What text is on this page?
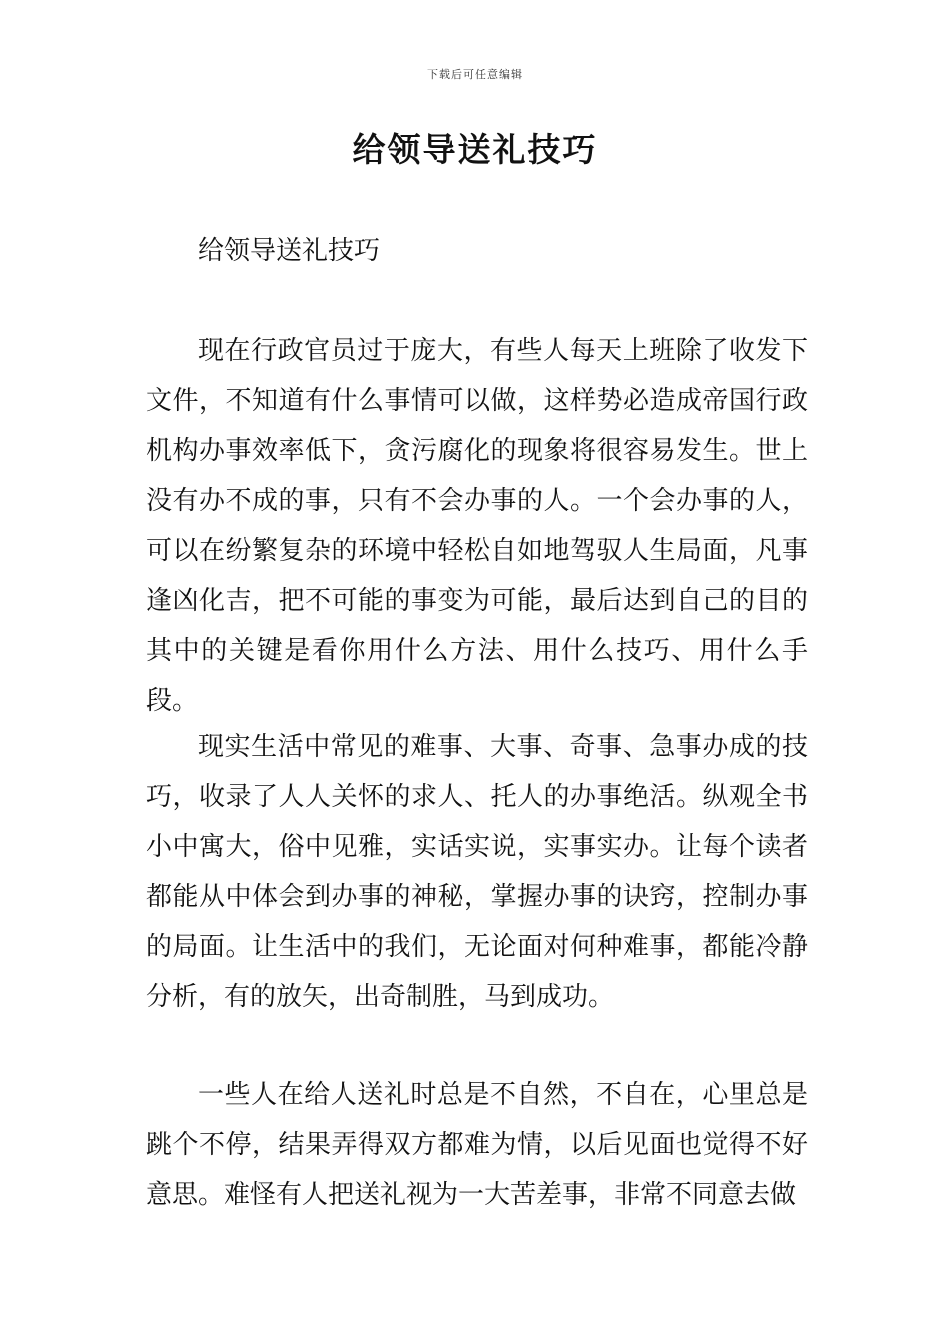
下载后可任意编辑
给领导送礼技巧

给领导送礼技巧

现在行政官员过于庞大，有些人每天上班除了收发下文件，不知道有什么事情可以做，这样势必造成帝国行政机构办事效率低下，贪污腐化的现象将很容易发生。世上没有办不成的事，只有不会办事的人。一个会办事的人，可以在纷繁复杂的环境中轻松自如地驾驭人生局面，凡事逢凶化吉，把不可能的事变为可能，最后达到自己的目的其中的关键是看你用什么方法、用什么技巧、用什么手段。

现实生活中常见的难事、大事、奇事、急事办成的技巧，收录了人人关怀的求人、托人的办事绝活。纵观全书小中寓大，俗中见雅，实话实说，实事实办。让每个读者都能从中体会到办事的神秘，掌握办事的诀窍，控制办事的局面。让生活中的我们，无论面对何种难事，都能冷静分析，有的放矢，出奇制胜，马到成功。

一些人在给人送礼时总是不自然，不自在，心里总是跳个不停，结果弄得双方都难为情，以后见面也觉得不好意思。难怪有人把送礼视为一大苦差事，非常不同意去做
